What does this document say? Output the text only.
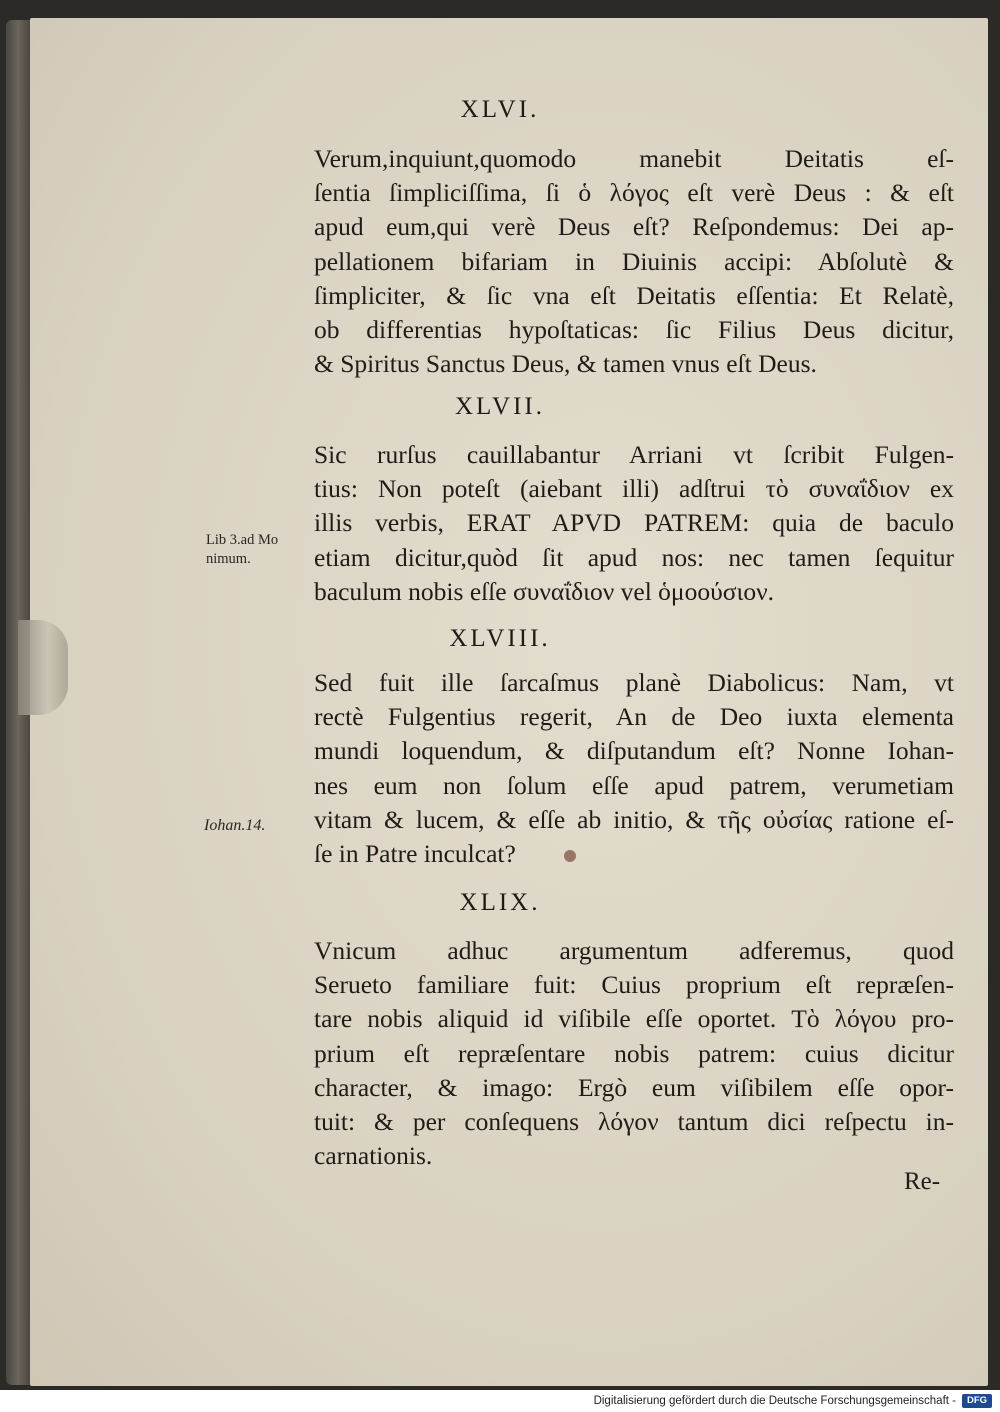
XLVI.
Verum,inquiunt,quomodo manebit Deitatis eſ-
ſentia ſimpliciſſima, ſi ὁ λόγος eſt verè Deus : & eſt
apud eum,qui verè Deus eſt? Reſpondemus: Dei ap-
pellationem bifariam in Diuinis accipi: Abſolutè &
ſimpliciter, & ſic vna eſt Deitatis eſſentia: Et Relatè,
ob differentias hypoſtaticas: ſic Filius Deus dicitur,
& Spiritus Sanctus Deus, & tamen vnus eſt Deus.
XLVII.
Sic rurſus cauillabantur Arriani vt ſcribit Fulgen-
tius: Non poteſt (aiebant illi) adſtrui τὸ συναΐδιον ex
illis verbis, ERAT APVD PATREM: quia de baculo
etiam dicitur,quòd ſit apud nos: nec tamen ſequitur
baculum nobis eſſe συναΐδιον vel ὁμοούσιον.
Lib 3.ad Mo
nimum.
XLVIII.
Sed fuit ille ſarcaſmus planè Diabolicus: Nam, vt
rectè Fulgentius regerit, An de Deo iuxta elementa
mundi loquendum, & diſputandum eſt? Nonne Iohan-
nes eum non ſolum eſſe apud patrem, verumetiam
vitam & lucem, & eſſe ab initio, & τῆς οὐσίας ratione eſ-
ſe in Patre inculcat?
Iohan.14.
XLIX.
Vnicum adhuc argumentum adferemus, quod
Serueto familiare fuit: Cuius proprium eſt repræſen-
tare nobis aliquid id viſibile eſſe oportet. Τὸ λόγου pro-
prium eſt repræſentare nobis patrem: cuius dicitur
character, & imago: Ergò eum viſibilem eſſe opor-
tuit: & per conſequens λόγον tantum dici reſpectu in-
carnationis.
Re-
Digitalisierung gefördert durch die Deutsche Forschungsgemeinschaft -	DFG
